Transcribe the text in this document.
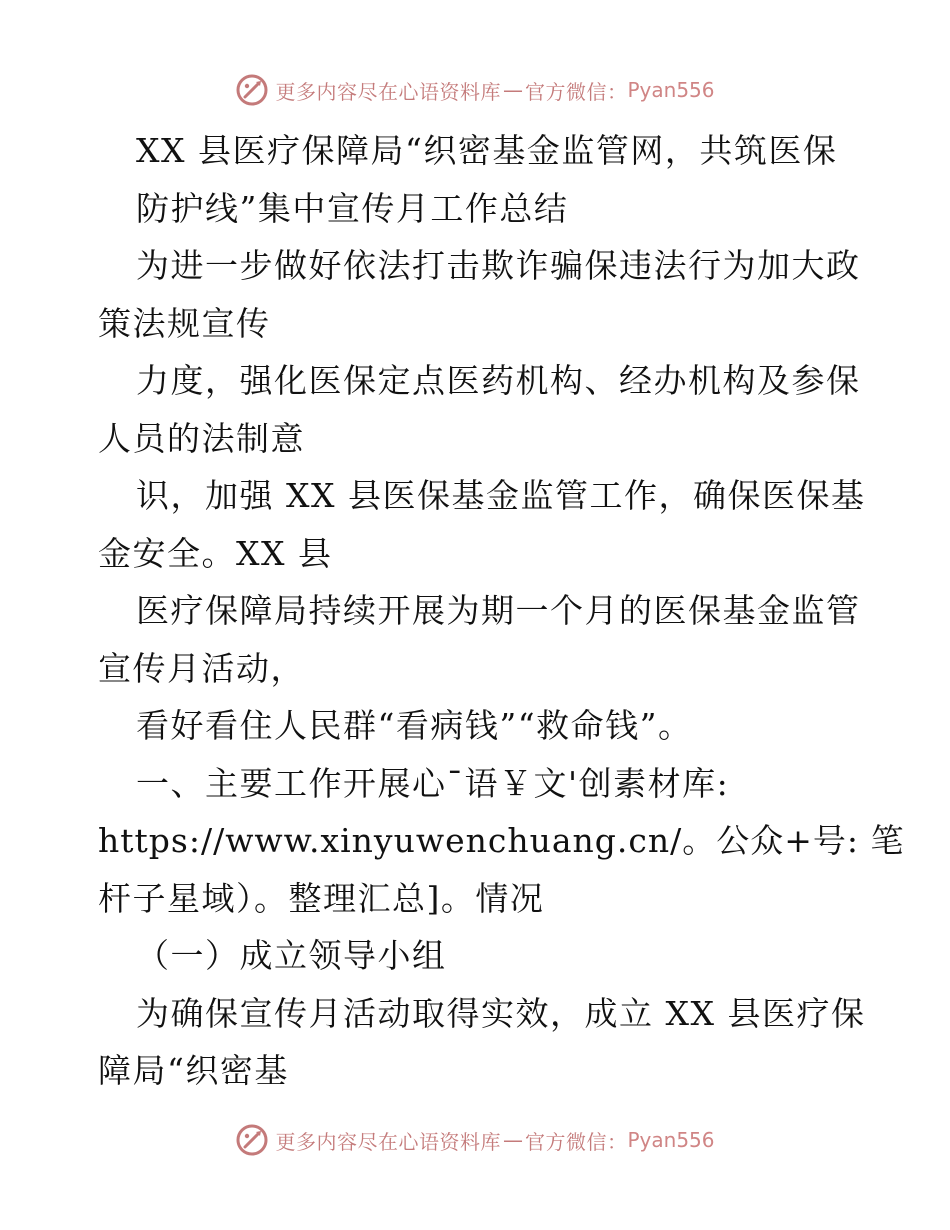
更多内容尽在心语资料库 — 官方微信： Pyan556
XX 县医疗保障局“织密基金监管网，共筑医保
防护线”集中宣传月工作总结
为进一步做好依法打击欺诈骗保违法行为加大政
策法规宣传
力度，强化医保定点医药机构、经办机构及参保
人员的法制意
识，加强 XX 县医保基金监管工作，确保医保基
金安全。XX 县
医疗保障局持续开展为期一个月的医保基金监管
宣传月活动，
看好看住人民群“看病钱”“救命钱”。
一、主要工作开展心¯语￥文'创素材库:
https://www.xinyuwenchuang.cn/。公众+号: 笔
杆子星域）。整理汇总]。情况
（一）成立领导小组
为确保宣传月活动取得实效，成立 XX 县医疗保
障局“织密基
更多内容尽在心语资料库 — 官方微信： Pyan556
